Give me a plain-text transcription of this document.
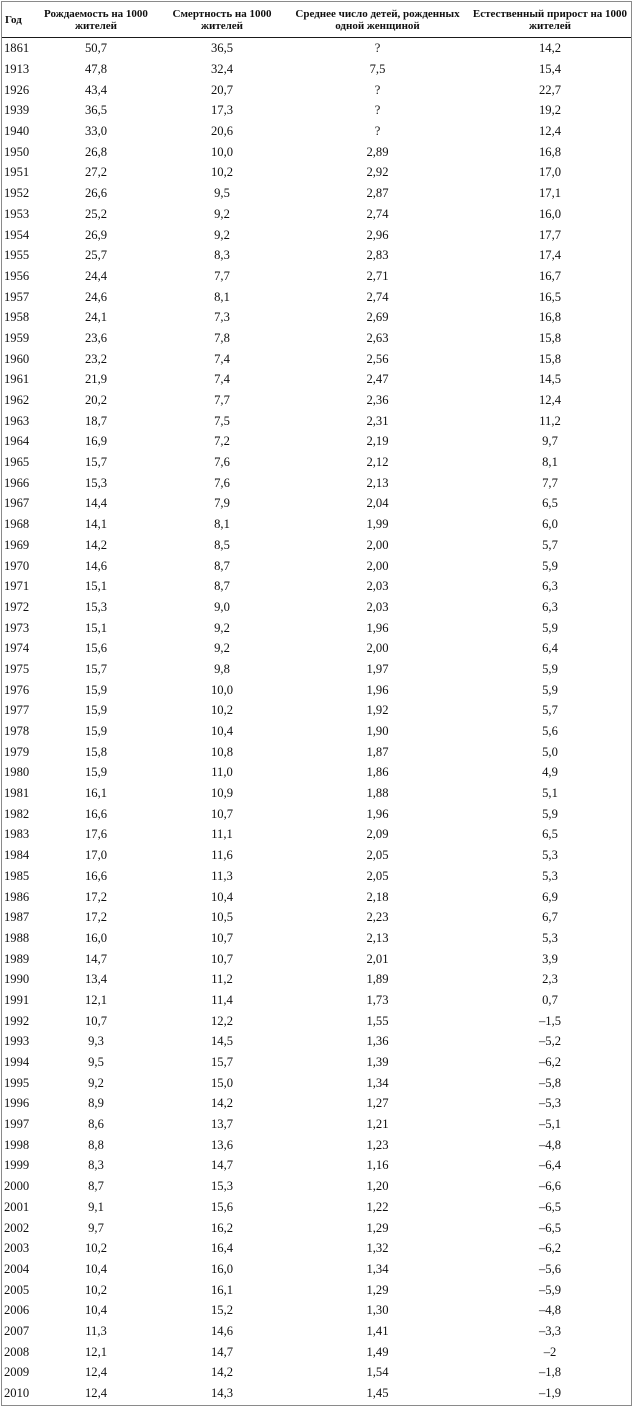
Год	Рождаемость на 1000 жителей	Смертность на 1000 жителей	Среднее число детей, рожденных одной женщиной	Естественный прирост на 1000 жителей
1861	50,7	36,5	?	14,2
1913	47,8	32,4	7,5	15,4
1926	43,4	20,7	?	22,7
1939	36,5	17,3	?	19,2
1940	33,0	20,6	?	12,4
1950	26,8	10,0	2,89	16,8
1951	27,2	10,2	2,92	17,0
1952	26,6	9,5	2,87	17,1
1953	25,2	9,2	2,74	16,0
1954	26,9	9,2	2,96	17,7
1955	25,7	8,3	2,83	17,4
1956	24,4	7,7	2,71	16,7
1957	24,6	8,1	2,74	16,5
1958	24,1	7,3	2,69	16,8
1959	23,6	7,8	2,63	15,8
1960	23,2	7,4	2,56	15,8
1961	21,9	7,4	2,47	14,5
1962	20,2	7,7	2,36	12,4
1963	18,7	7,5	2,31	11,2
1964	16,9	7,2	2,19	9,7
1965	15,7	7,6	2,12	8,1
1966	15,3	7,6	2,13	7,7
1967	14,4	7,9	2,04	6,5
1968	14,1	8,1	1,99	6,0
1969	14,2	8,5	2,00	5,7
1970	14,6	8,7	2,00	5,9
1971	15,1	8,7	2,03	6,3
1972	15,3	9,0	2,03	6,3
1973	15,1	9,2	1,96	5,9
1974	15,6	9,2	2,00	6,4
1975	15,7	9,8	1,97	5,9
1976	15,9	10,0	1,96	5,9
1977	15,9	10,2	1,92	5,7
1978	15,9	10,4	1,90	5,6
1979	15,8	10,8	1,87	5,0
1980	15,9	11,0	1,86	4,9
1981	16,1	10,9	1,88	5,1
1982	16,6	10,7	1,96	5,9
1983	17,6	11,1	2,09	6,5
1984	17,0	11,6	2,05	5,3
1985	16,6	11,3	2,05	5,3
1986	17,2	10,4	2,18	6,9
1987	17,2	10,5	2,23	6,7
1988	16,0	10,7	2,13	5,3
1989	14,7	10,7	2,01	3,9
1990	13,4	11,2	1,89	2,3
1991	12,1	11,4	1,73	0,7
1992	10,7	12,2	1,55	–1,5
1993	9,3	14,5	1,36	–5,2
1994	9,5	15,7	1,39	–6,2
1995	9,2	15,0	1,34	–5,8
1996	8,9	14,2	1,27	–5,3
1997	8,6	13,7	1,21	–5,1
1998	8,8	13,6	1,23	–4,8
1999	8,3	14,7	1,16	–6,4
2000	8,7	15,3	1,20	–6,6
2001	9,1	15,6	1,22	–6,5
2002	9,7	16,2	1,29	–6,5
2003	10,2	16,4	1,32	–6,2
2004	10,4	16,0	1,34	–5,6
2005	10,2	16,1	1,29	–5,9
2006	10,4	15,2	1,30	–4,8
2007	11,3	14,6	1,41	–3,3
2008	12,1	14,7	1,49	–2
2009	12,4	14,2	1,54	–1,8
2010	12,4	14,3	1,45	–1,9
